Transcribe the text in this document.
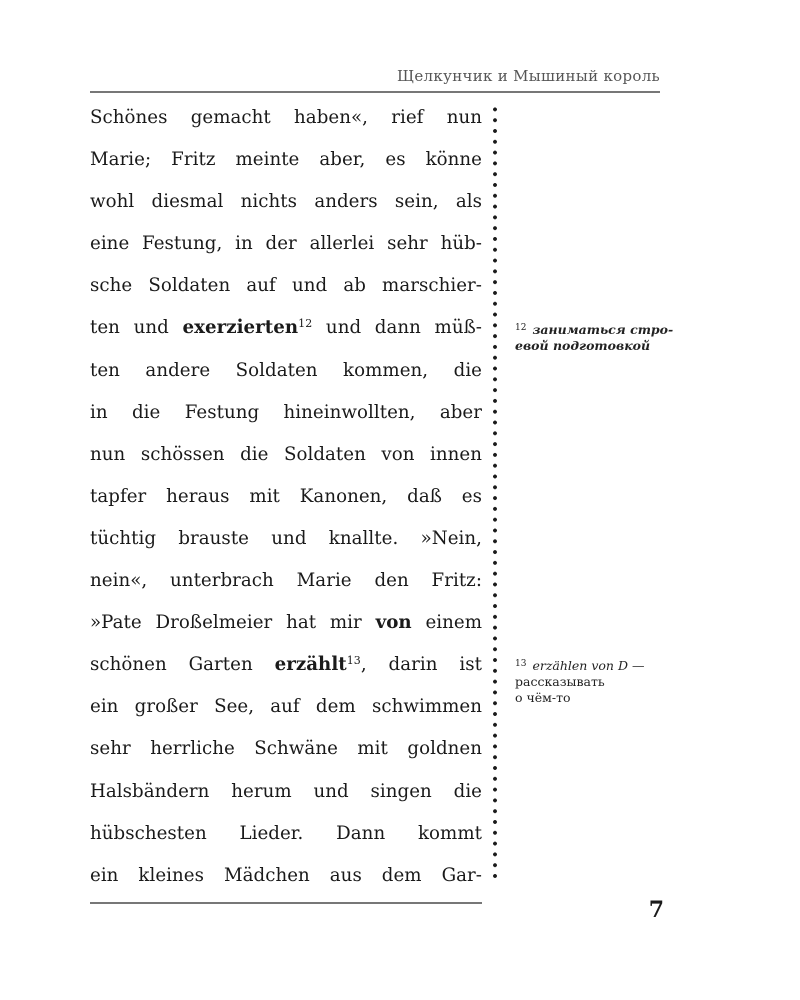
Щелкунчик и Мышиный король
Schönes gemacht haben«, rief nun
Marie; Fritz meinte aber, es könne
wohl diesmal nichts anders sein, als
eine Festung, in der allerlei sehr hüb-
sche Soldaten auf und ab marschier-
ten und exerzierten$^{12}$ und dann müß-
ten andere Soldaten kommen, die
in die Festung hineinwollten, aber
nun schössen die Soldaten von innen
tapfer heraus mit Kanonen, daß es
tüchtig brauste und knallte. »Nein,
nein«, unterbrach Marie den Fritz:
»Pate Droßelmeier hat mir von einem
schönen Garten erzählt$^{13}$, darin ist
ein großer See, auf dem schwimmen
sehr herrliche Schwäne mit goldnen
Halsbändern herum und singen die
hübschesten Lieder. Dann kommt
ein kleines Mädchen aus dem Gar-
$^{12}$ заниматься стро-
евой подготовкой
$^{13}$ erzählen von D —
рассказывать
о чём-то
7
